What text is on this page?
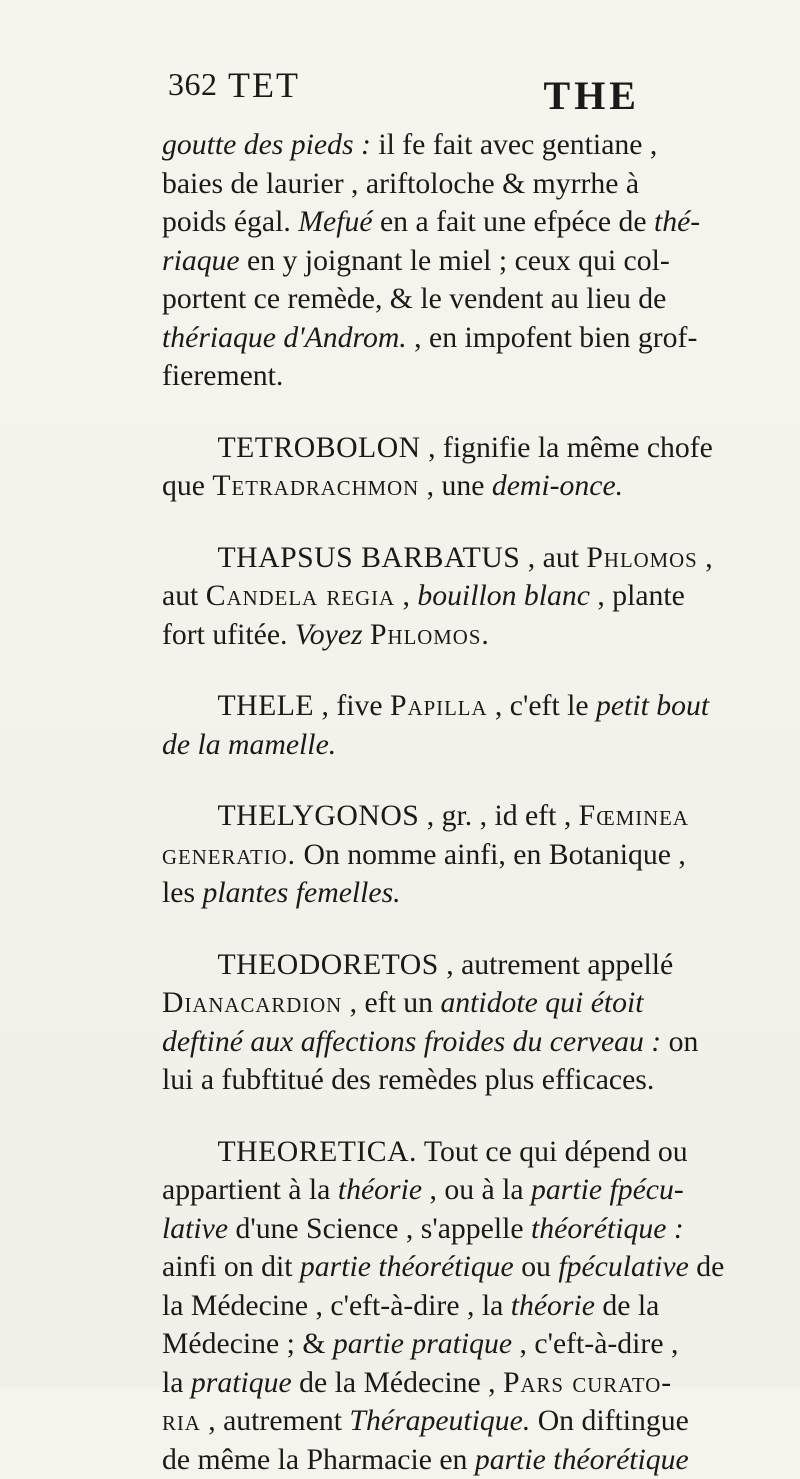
362 TET	THE
goutte des pieds : il fe fait avec gentiane ,
baies de laurier , ariftoloche & myrrhe à
poids égal. Mefué en a fait une efpéce de thé-
riaque en y joignant le miel ; ceux qui col-
portent ce remède, & le vendent au lieu de
thériaque d'Androm. , en impofent bien grof-
fierement.
TETROBOLON , fignifie la même chofe
que Tetradrachmon , une demi-once.
THAPSUS BARBATUS , aut Phlomos ,
aut Candela regia , bouillon blanc , plante
fort ufitée. Voyez Phlomos.
THELE , five Papilla , c'eft le petit bout
de la mamelle.
THELYGONOS , gr. , id eft , Fœminea
generatio. On nomme ainfi, en Botanique ,
les plantes femelles.
THEODORETOS , autrement appellé
Dianacardion , eft un antidote qui étoit
deftiné aux affections froides du cerveau : on
lui a fubftitué des remèdes plus efficaces.
THEORETICA. Tout ce qui dépend ou
appartient à la théorie , ou à la partie fpécu-
lative d'une Science , s'appelle théorétique :
ainfi on dit partie théorétique ou fpéculative de
la Médecine , c'eft-à-dire , la théorie de la
Médecine ; & partie pratique , c'eft-à-dire ,
la pratique de la Médecine , Pars curato-
ria , autrement Thérapeutique. On diftingue
de même la Pharmacie en partie théorétique
